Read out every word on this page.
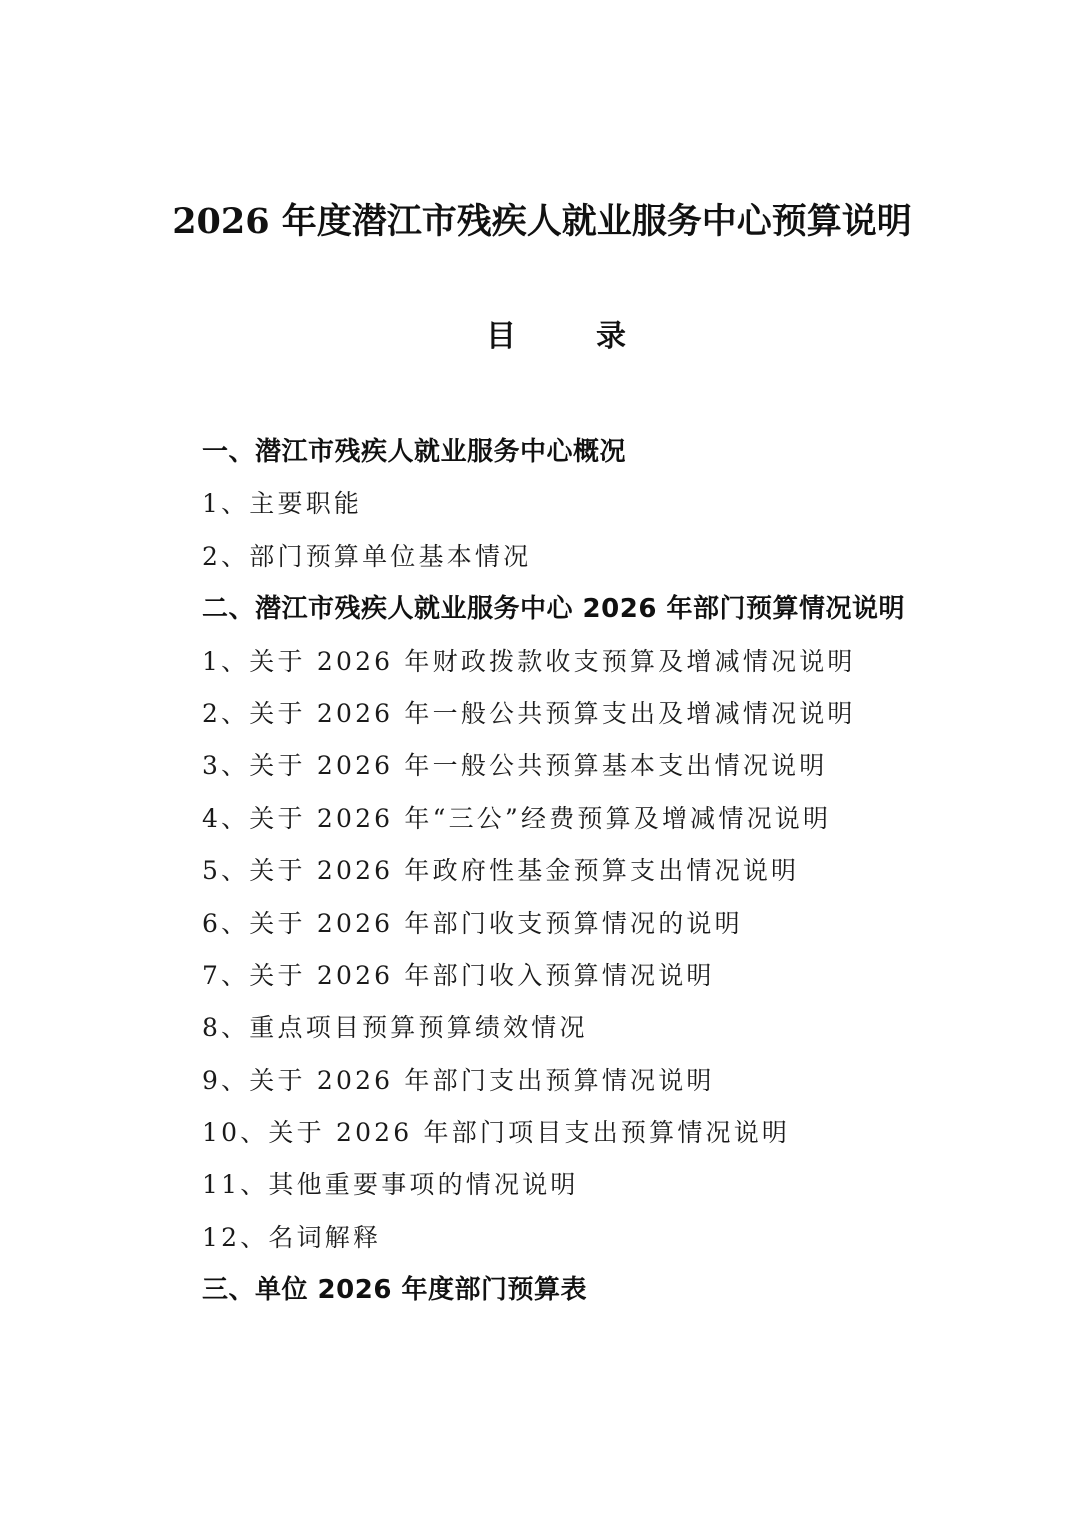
2026 年度潜江市残疾人就业服务中心预算说明
目	录
一、潜江市残疾人就业服务中心概况
1、主要职能
2、部门预算单位基本情况
二、潜江市残疾人就业服务中心 2026 年部门预算情况说明
1、关于 2026 年财政拨款收支预算及增减情况说明
2、关于 2026 年一般公共预算支出及增减情况说明
3、关于 2026 年一般公共预算基本支出情况说明
4、关于 2026 年“三公”经费预算及增减情况说明
5、关于 2026 年政府性基金预算支出情况说明
6、关于 2026 年部门收支预算情况的说明
7、关于 2026 年部门收入预算情况说明
8、重点项目预算预算绩效情况
9、关于 2026 年部门支出预算情况说明
10、关于 2026 年部门项目支出预算情况说明
11、其他重要事项的情况说明
12、名词解释
三、单位 2026 年度部门预算表
